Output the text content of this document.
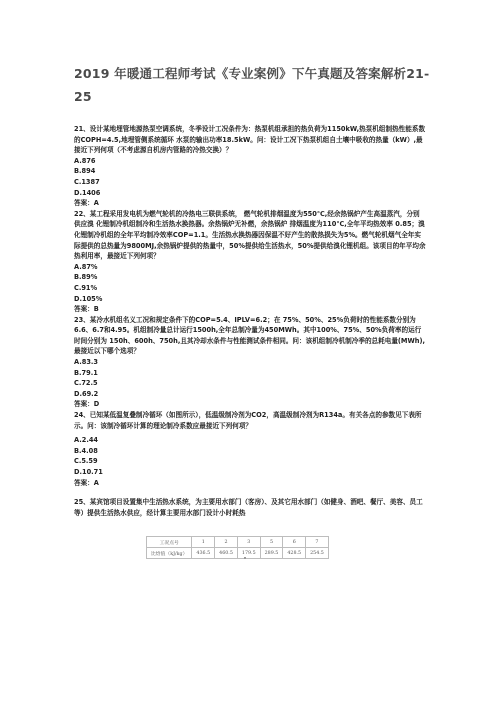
2019 年暖通工程师考试《专业案例》下午真题及答案解析21-25

21、设计某地埋管地源热泵空调系统，冬季设计工况条件为：热泵机组承担的热负荷为1150kW,热泵机组制热性能系数的COPH=4.5,地埋管侧系统循环 水泵的输出功率18.5kW。问：设计工况下热泵机组自土壤中吸收的热量（kW）,最接近下列何项（不考虑源自机房内管路的冷热交换）？

A.876

B.894

C.1387

D.1406

答案：A

22、某工程采用发电机为燃气轮机的冷热电三联供系统， 燃气轮机排烟温度为550℃,经余热锅炉产生高温蒸汽，分别供应溴 化锂制冷机组制冷和生活热水换热器。余热锅炉无补燃，余热锅炉 排烟温度为110℃,全年平均热效率 0.85；溴化锂制冷机组的全年平均制冷效率COP=1.1。生活热水换热器因保温不好产生的散热损失为5%。燃气轮机烟气全年实际提供的总热量为9800MJ,余热锅炉提供的热量中，50%提供给生活热水，50%提供给溴化锂机组。该项目的年平均余热利用率，最接近下列何项？

A.87%

B.89%

C.91%

D.105%

答案：B

23、某冷水机组名义工况和规定条件下的COP=5.4、IPLV=6.2；在 75%、50%、25%负荷时的性能系数分别为6.6、6.7和4.95。机组制冷量总计运行1500h,全年总制冷量为450MWh。其中100%、75%、50%负荷率的运行时间分别为 150h、600h、750h,且其冷却水条件与性能测试条件相同。问：该机组制冷机制冷季的总耗电量(MWh),最接近以下哪个选项？

A.83.3

B.79.1

C.72.5

D.69.2

答案：D

24、已知某低温复叠制冷循环（如图所示），低温级制冷剂为CO2，高温级制冷剂为R134a。有关各点的参数见下表所示。问：该制冷循环计算的理论制冷系数应最接近下列何项？

A.2.44

B.4.08

C.5.59

D.10.71

答案：A

25、某宾馆项目设置集中生活热水系统，为主要用水部门（客房）、及其它用水部门（如健身、酒吧、餐厅、美容、员工等）提供生活热水供应，经计算主要用水部门设计小时耗热

工况点号	1	2	3	5	6	7
比焓值（kJ/kg）	436.5	460.5	179.5	289.5	428.5	254.5
